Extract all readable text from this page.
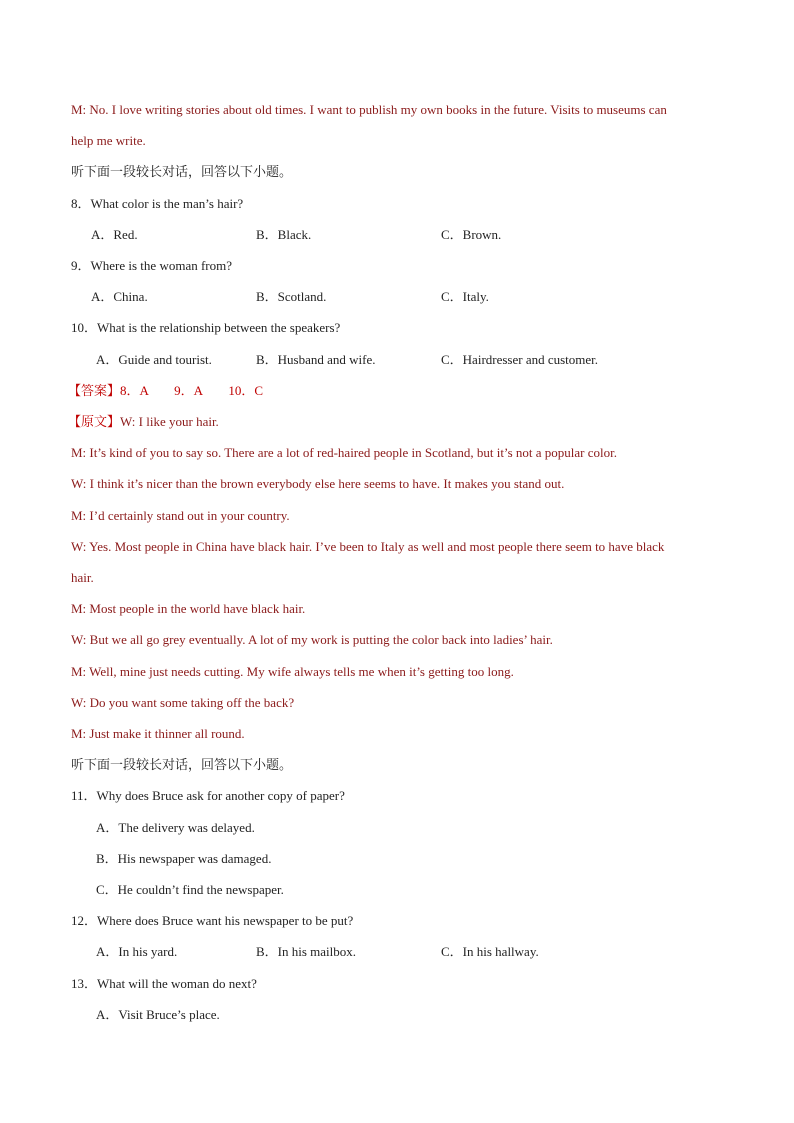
M: No. I love writing stories about old times. I want to publish my own books in the future. Visits to museums can
help me write.
听下面一段较长对话，回答以下小题。
8．What color is the man’s hair?
A．Red.	B．Black.	C．Brown.
9．Where is the woman from?
A．China.	B．Scotland.	C．Italy.
10．What is the relationship between the speakers?
A．Guide and tourist.	B．Husband and wife.	C．Hairdresser and customer.
【答案】8．A        9．A        10．C
【原文】W: I like your hair.
M: It’s kind of you to say so. There are a lot of red-haired people in Scotland, but it’s not a popular color.
W: I think it’s nicer than the brown everybody else here seems to have. It makes you stand out.
M: I’d certainly stand out in your country.
W: Yes. Most people in China have black hair. I’ve been to Italy as well and most people there seem to have black
hair.
M: Most people in the world have black hair.
W: But we all go grey eventually. A lot of my work is putting the color back into ladies’ hair.
M: Well, mine just needs cutting. My wife always tells me when it’s getting too long.
W: Do you want some taking off the back?
M: Just make it thinner all round.
听下面一段较长对话，回答以下小题。
11．Why does Bruce ask for another copy of paper?
A．The delivery was delayed.
B．His newspaper was damaged.
C．He couldn’t find the newspaper.
12．Where does Bruce want his newspaper to be put?
A．In his yard.	B．In his mailbox.	C．In his hallway.
13．What will the woman do next?
A．Visit Bruce’s place.
